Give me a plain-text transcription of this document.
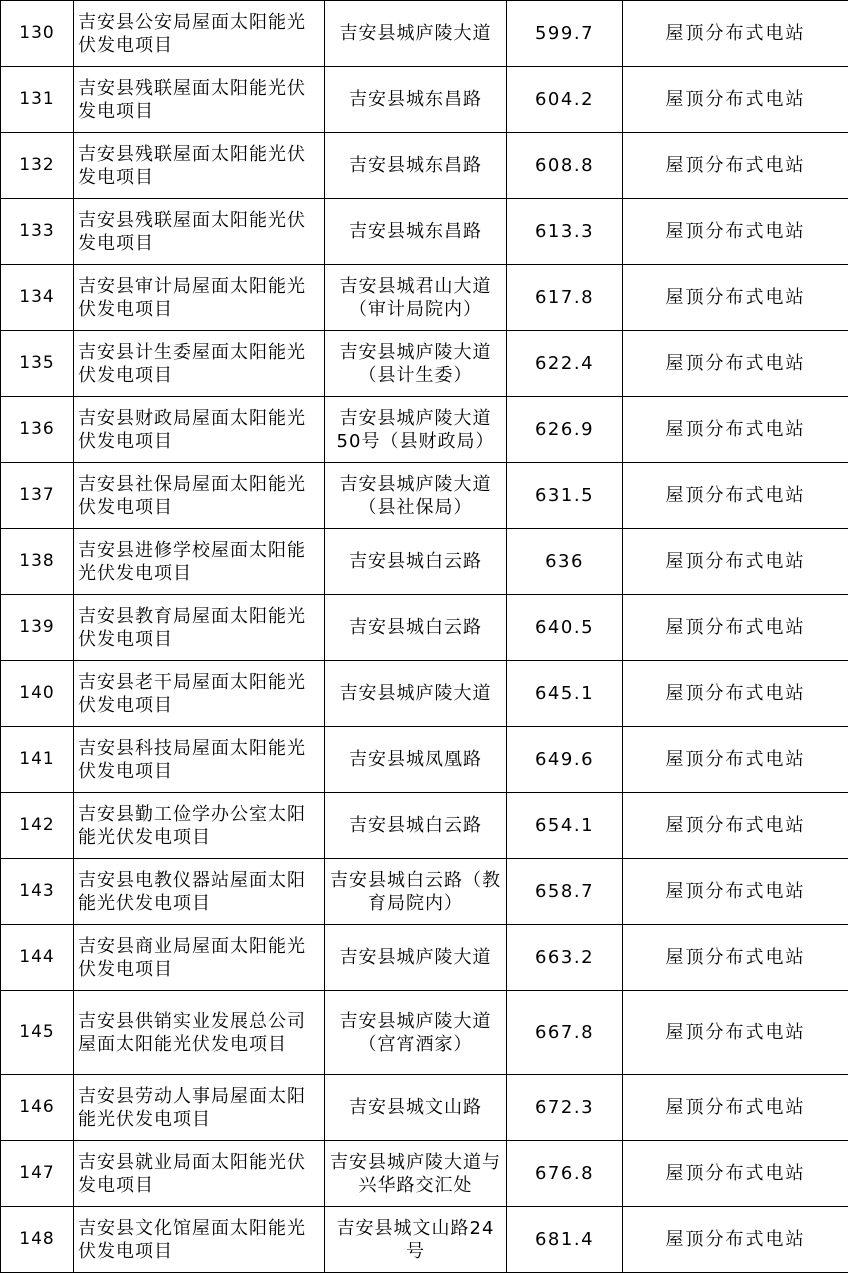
130	吉安县公安局屋面太阳能光伏发电项目	吉安县城庐陵大道	599.7	屋顶分布式电站
131	吉安县残联屋面太阳能光伏发电项目	吉安县城东昌路	604.2	屋顶分布式电站
132	吉安县残联屋面太阳能光伏发电项目	吉安县城东昌路	608.8	屋顶分布式电站
133	吉安县残联屋面太阳能光伏发电项目	吉安县城东昌路	613.3	屋顶分布式电站
134	吉安县审计局屋面太阳能光伏发电项目	吉安县城君山大道（审计局院内）	617.8	屋顶分布式电站
135	吉安县计生委屋面太阳能光伏发电项目	吉安县城庐陵大道（县计生委）	622.4	屋顶分布式电站
136	吉安县财政局屋面太阳能光伏发电项目	吉安县城庐陵大道50号（县财政局）	626.9	屋顶分布式电站
137	吉安县社保局屋面太阳能光伏发电项目	吉安县城庐陵大道（县社保局）	631.5	屋顶分布式电站
138	吉安县进修学校屋面太阳能光伏发电项目	吉安县城白云路	636	屋顶分布式电站
139	吉安县教育局屋面太阳能光伏发电项目	吉安县城白云路	640.5	屋顶分布式电站
140	吉安县老干局屋面太阳能光伏发电项目	吉安县城庐陵大道	645.1	屋顶分布式电站
141	吉安县科技局屋面太阳能光伏发电项目	吉安县城凤凰路	649.6	屋顶分布式电站
142	吉安县勤工俭学办公室太阳能光伏发电项目	吉安县城白云路	654.1	屋顶分布式电站
143	吉安县电教仪器站屋面太阳能光伏发电项目	吉安县城白云路（教育局院内）	658.7	屋顶分布式电站
144	吉安县商业局屋面太阳能光伏发电项目	吉安县城庐陵大道	663.2	屋顶分布式电站
145	吉安县供销实业发展总公司屋面太阳能光伏发电项目	吉安县城庐陵大道（宫宵酒家）	667.8	屋顶分布式电站
146	吉安县劳动人事局屋面太阳能光伏发电项目	吉安县城文山路	672.3	屋顶分布式电站
147	吉安县就业局面太阳能光伏发电项目	吉安县城庐陵大道与兴华路交汇处	676.8	屋顶分布式电站
148	吉安县文化馆屋面太阳能光伏发电项目	吉安县城文山路24号	681.4	屋顶分布式电站
